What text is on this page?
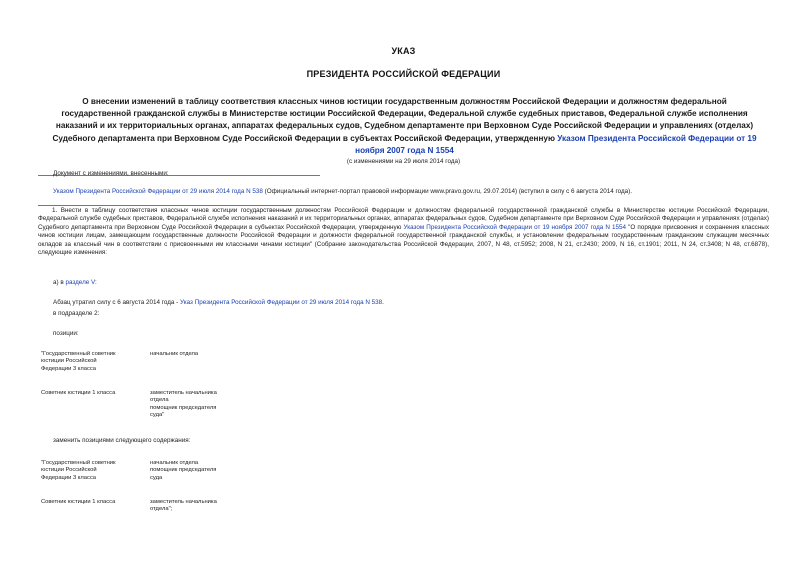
УКАЗ
ПРЕЗИДЕНТА РОССИЙСКОЙ ФЕДЕРАЦИИ
О внесении изменений в таблицу соответствия классных чинов юстиции государственным должностям Российской Федерации и должностям федеральной государственной гражданской службы в Министерстве юстиции Российской Федерации, Федеральной службе судебных приставов, Федеральной службе исполнения наказаний и их территориальных органах, аппаратах федеральных судов, Судебном департаменте при Верховном Суде Российской Федерации и управлениях (отделах) Судебного департамента при Верховном Суде Российской Федерации в субъектах Российской Федерации, утвержденную Указом Президента Российской Федерации от 19 ноября 2007 года N 1554
(с изменениями на 29 июля 2014 года)
Документ с изменениями, внесенными:
Указом Президента Российской Федерации от 29 июля 2014 года N 538 (Официальный интернет-портал правовой информации www.pravo.gov.ru, 29.07.2014) (вступил в силу с 6 августа 2014 года).
1. Внести в таблицу соответствия классных чинов юстиции государственным должностям Российской Федерации и должностям федеральной государственной гражданской службы в Министерстве юстиции Российской Федерации, Федеральной службе судебных приставов, Федеральной службе исполнения наказаний и их территориальных органах, аппаратах федеральных судов, Судебном департаменте при Верховном Суде Российской Федерации и управлениях (отделах) Судебного департамента при Верховном Суде Российской Федерации в субъектах Российской Федерации, утвержденную Указом Президента Российской Федерации от 19 ноября 2007 года N 1554 "О порядке присвоения и сохранения классных чинов юстиции лицам, замещающим государственные должности Российской Федерации и должности федеральной государственной гражданской службы, и установлении федеральным государственным гражданским служащим месячных окладов за классный чин в соответствии с присвоенными им классными чинами юстиции" (Собрание законодательства Российской Федерации, 2007, N 48, ст.5952; 2008, N 21, ст.2430; 2009, N 16, ст.1901; 2011, N 24, ст.3408; N 48, ст.6878), следующие изменения:
а) в разделе V:
Абзац утратил силу с 6 августа 2014 года - Указ Президента Российской Федерации от 29 июля 2014 года N 538.
в подразделе 2:
позиции:
"Государственный советник
юстиции Российской
Федерации 3 класса
начальник отдела
Советник юстиции 1 класса	заместитель начальника
отдела
помощник председателя
суда"
заменить позициями следующего содержания:
"Государственный советник
юстиции Российской
Федерации 3 класса
начальник отдела
помощник председателя
суда
Советник юстиции 1 класса	заместитель начальника
отдела";
